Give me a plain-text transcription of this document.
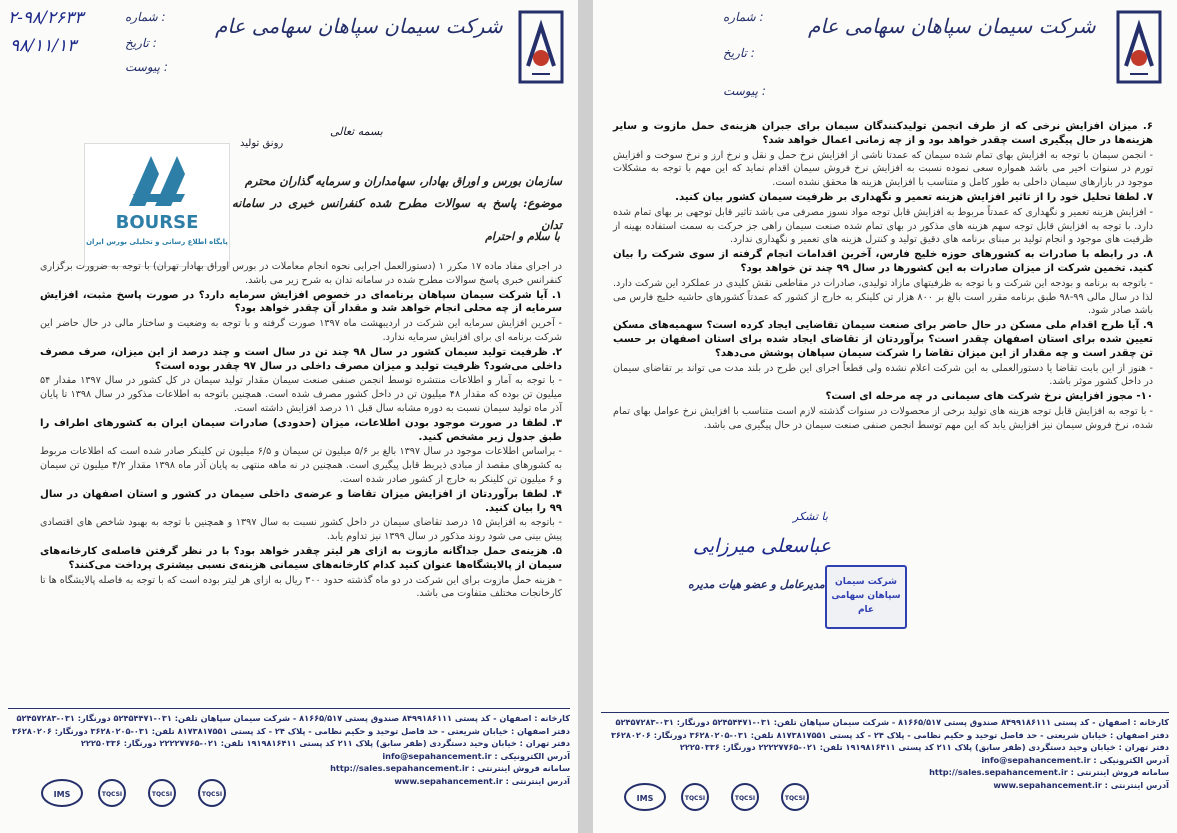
شرکت سیمان سپاهان سهامی عام
شماره :
تاریخ :
پیوست :
۲-۹۸/۲۶۳۳
۹۸/۱۱/۱۳
بسمه تعالی
رونق تولید
BOURSE
پایگاه اطلاع رسانی و تحلیلی بورس ایران
سازمان بورس و اوراق بهادار، سهامداران و سرمایه گذاران محترم
موضوع: پاسخ به سوالات مطرح شده کنفرانس خبری در سامانه تدان
با سلام و احترام

در اجرای مفاد ماده ۱۷ مکرر ۱ (دستورالعمل اجرایی نحوه انجام معاملات در بورس اوراق بهادار تهران) با توجه به ضرورت برگزاری کنفرانس خبری پاسخ سوالات مطرح شده در سامانه تدان به شرح زیر می باشد.

۱. آیا شرکت سیمان سپاهان برنامه‌ای در خصوص افزایش سرمایه دارد؟ در صورت پاسخ مثبت، افزایش سرمایه از چه محلی انجام خواهد شد و مقدار آن چقدر خواهد بود؟

- آخرین افزایش سرمایه این شرکت در اردیبهشت ماه ۱۳۹۷ صورت گرفته و با توجه به وضعیت و ساختار مالی در حال حاضر این شرکت برنامه ای برای افزایش سرمایه ندارد.

۲. ظرفیت تولید سیمان کشور در سال ۹۸ چند تن در سال است و چند درصد از این میزان، صرف مصرف داخلی می‌شود؟ ظرفیت تولید و میزان مصرف داخلی در سال ۹۷ چقدر بوده است؟

- با توجه به آمار و اطلاعات منتشره توسط انجمن صنفی صنعت سیمان مقدار تولید سیمان در کل کشور در سال ۱۳۹۷ مقدار ۵۴ میلیون تن بوده که مقدار ۴۸ میلیون تن در داخل کشور مصرف شده است. همچنین باتوجه به اطلاعات مذکور در سال ۱۳۹۸ تا پایان آذر ماه تولید سیمان نسبت به دوره مشابه سال قبل ۱۱ درصد افزایش داشته است.

۳. لطفا در صورت موجود بودن اطلاعات، میزان (حدودی) صادرات سیمان ایران به کشورهای اطراف را طبق جدول زیر مشخص کنید.

- براساس اطلاعات موجود در سال ۱۳۹۷ بالغ بر ۵/۶ میلیون تن سیمان و ۶/۵ میلیون تن کلینکر صادر شده است که اطلاعات مربوط به کشورهای مقصد از مبادی ذیربط قابل پیگیری است. همچنین در نه ماهه منتهی به پایان آذر ماه ۱۳۹۸ مقدار ۴/۲ میلیون تن سیمان و ۶ میلیون تن کلینکر به خارج از کشور صادر شده است.

۴. لطفا برآوردتان از افزایش میزان تقاضا و عرضه‌ی داخلی سیمان در کشور و استان اصفهان در سال ۹۹ را بیان کنید.

- باتوجه به افزایش ۱۵ درصد تقاضای سیمان در داخل کشور نسبت به سال ۱۳۹۷ و همچنین با توجه به بهبود شاخص های اقتصادی پیش بینی می شود روند مذکور در سال ۱۳۹۹ نیز تداوم یابد.

۵. هزینه‌ی حمل جداگانه مازوت به ازای هر لیتر چقدر خواهد بود؟ با در نظر گرفتن فاصله‌ی کارخانه‌های سیمان از پالایشگاه‌ها عنوان کنید کدام کارخانه‌های سیمانی هزینه‌ی نسبی بیشتری پرداخت می‌کنند؟

- هزینه حمل مازوت برای این شرکت در دو ماه گذشته حدود ۳۰۰ ریال به ازای هر لیتر بوده است که با توجه به فاصله پالایشگاه ها تا کارخانجات مختلف متفاوت می باشد.

کارخانه : اصفهان - کد پستی ۸۴۹۹۱۸۶۱۱۱ صندوق پستی ۸۱۶۶۵/۵۱۷ - شرکت سیمان سپاهان تلفن: ۰۳۱-۵۲۴۵۴۴۷۱ دورنگار: ۰۳۱-۵۲۴۵۷۲۸۳
دفتر اصفهان : خیابان شریعتی - حد فاصل توحید و حکیم نظامی - پلاک ۲۴ - کد پستی ۸۱۷۳۸۱۷۵۵۱ تلفن: ۰۳۱-۳۶۲۸۰۲۰۵ دورنگار: ۳۶۲۸۰۲۰۶
دفتر تهران : خیابان وحید دستگردی (ظفر سابق) پلاک ۲۱۱ کد پستی ۱۹۱۹۸۱۶۴۱۱ تلفن: ۰۲۱-۲۲۲۲۷۷۶۵ دورنگار: ۲۲۲۵۰۳۳۶
آدرس الکترونیکی : info@sepahancement.ir
سامانه فروش اینترنتی : http://sales.sepahancement.ir
آدرس اینترنتی : www.sepahancement.ir
IMS	TQCSI	TQCSI	TQCSI
شرکت سیمان سپاهان سهامی عام
شماره :
تاریخ :
پیوست :

۶. میزان افزایش نرخی که از طرف انجمن تولیدکنندگان سیمان برای جبران هزینه‌ی حمل مازوت و سایر هزینه‌ها در حال پیگیری است چقدر خواهد بود و از چه زمانی اعمال خواهد شد؟

- انجمن سیمان با توجه به افزایش بهای تمام شده سیمان که عمدتا ناشی از افزایش نرخ حمل و نقل و نرخ ارز و نرخ سوخت و افزایش تورم در سنوات اخیر می باشد همواره سعی نموده نسبت به افزایش نرخ فروش سیمان اقدام نماید که این مهم با توجه به مشکلات موجود در بازارهای سیمان داخلی به طور کامل و متناسب با افزایش هزینه ها محقق نشده است.

۷. لطفا تحلیل خود را از تاثیر افزایش هزینه تعمیر و نگهداری بر ظرفیت سیمان کشور بیان کنید.

- افزایش هزینه تعمیر و نگهداری که عمدتاً مربوط به افزایش قابل توجه مواد نسوز مصرفی می باشد تاثیر قابل توجهی بر بهای تمام شده دارد. با توجه به افزایش قابل توجه سهم هزینه های مذکور در بهای تمام شده صنعت سیمان راهی جز حرکت به سمت استفاده بهینه از ظرفیت های موجود و انجام تولید بر مبنای برنامه های دقیق تولید و کنترل هزینه های تعمیر و نگهداری ندارد.

۸. در رابطه با صادرات به کشورهای حوزه خلیج فارس، آخرین اقدامات انجام گرفته از سوی شرکت را بیان کنید. تخمین شرکت از میزان صادرات به این کشورها در سال ۹۹ چند تن خواهد بود؟

- باتوجه به برنامه و بودجه این شرکت و با توجه به ظرفیتهای مازاد تولیدی، صادرات در مقاطعی نقش کلیدی در عملکرد این شرکت دارد. لذا در سال مالی ۹۹-۹۸ طبق برنامه مقرر است بالغ بر ۸۰۰ هزار تن کلینکر به خارج از کشور که عمدتاً کشورهای حاشیه خلیج فارس می باشد صادر شود.

۹. آیا طرح اقدام ملی مسکن در حال حاضر برای صنعت سیمان تقاضایی ایجاد کرده است؟ سهمیه‌های مسکن تعیین شده برای استان اصفهان چقدر است؟ برآوردتان از تقاضای ایجاد شده برای استان اصفهان بر حسب تن چقدر است و چه مقدار از این میزان تقاضا را شرکت سیمان سپاهان پوشش می‌دهد؟

- هنوز از این بابت تقاضا یا دستورالعملی به این شرکت اعلام نشده ولی قطعاً اجرای این طرح در بلند مدت می تواند بر تقاضای سیمان در داخل کشور موثر باشد.

۱۰- مجوز افزایش نرخ شرکت های سیمانی در چه مرحله ای است؟

- با توجه به افزایش قابل توجه هزینه های تولید برخی از محصولات در سنوات گذشته لازم است متناسب با افزایش نرخ عوامل بهای تمام شده، نرخ فروش سیمان نیز افزایش یابد که این مهم توسط انجمن صنفی صنعت سیمان در حال پیگیری می باشد.

با تشکر
عباسعلی میرزایی
مدیرعامل و عضو هیات مدیره	شرکت سیمان سپاهان سهامی عام
کارخانه : اصفهان - کد پستی ۸۴۹۹۱۸۶۱۱۱ صندوق پستی ۸۱۶۶۵/۵۱۷ - شرکت سیمان سپاهان تلفن: ۰۳۱-۵۲۴۵۴۴۷۱ دورنگار: ۰۳۱-۵۲۴۵۷۲۸۳
دفتر اصفهان : خیابان شریعتی - حد فاصل توحید و حکیم نظامی - پلاک ۲۴ - کد پستی ۸۱۷۳۸۱۷۵۵۱ تلفن: ۰۳۱-۳۶۲۸۰۲۰۵ دورنگار: ۳۶۲۸۰۲۰۶
دفتر تهران : خیابان وحید دستگردی (ظفر سابق) پلاک ۲۱۱ کد پستی ۱۹۱۹۸۱۶۴۱۱ تلفن: ۰۲۱-۲۲۲۲۷۷۶۵ دورنگار: ۲۲۲۵۰۳۳۶
آدرس الکترونیکی : info@sepahancement.ir
سامانه فروش اینترنتی : http://sales.sepahancement.ir
آدرس اینترنتی : www.sepahancement.ir
IMS	TQCSI	TQCSI	TQCSI
